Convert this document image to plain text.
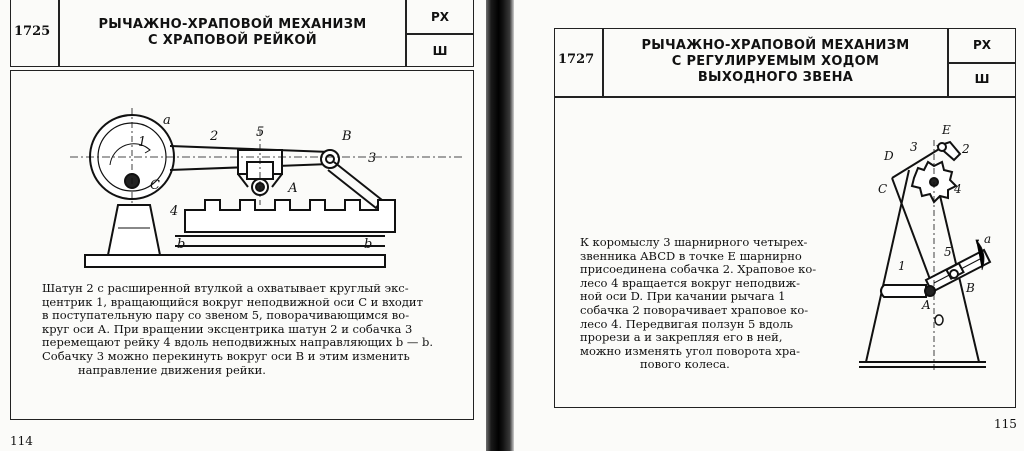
1725	РЫЧАЖНО-ХРАПОВОЙ МЕХАНИЗМ
С ХРАПОВОЙ РЕЙКОЙ
РХ
Ш
а
1	2	5	В
3
С	А
4
b	b

Шатун 2 с расширенной втулкой а охватывает круглый экс-

центрик 1, вращающийся вокруг неподвижной оси С и входит

в поступательную пару со звеном 5, поворачивающимся во-

круг оси А. При вращении эксцентрика шатун 2 и собачка 3

перемещают рейку 4 вдоль неподвижных направляющих b — b.

Собачку 3 можно перекинуть вокруг оси В и этим изменить

направление движения рейки.

114
1727
РЫЧАЖНО-ХРАПОВОЙ МЕХАНИЗМ
С РЕГУЛИРУЕМЫМ ХОДОМ
ВЫХОДНОГО ЗВЕНА
РХ
Ш

К коромыслу 3 шарнирного четырех-

звенника ABCD в точке E шарнирно

присоединена собачка 2. Храповое ко-

лесо 4 вращается вокруг неподвиж-

ной оси D. При качании рычага 1

собачка 2 поворачивает храповое ко-

лесо 4. Передвигая ползун 5 вдоль

прорези а и закрепляя его в ней,

можно изменять угол поворота хра-

пового колеса.

E
3
D	2
C	4
a
5
1
A
B
115
